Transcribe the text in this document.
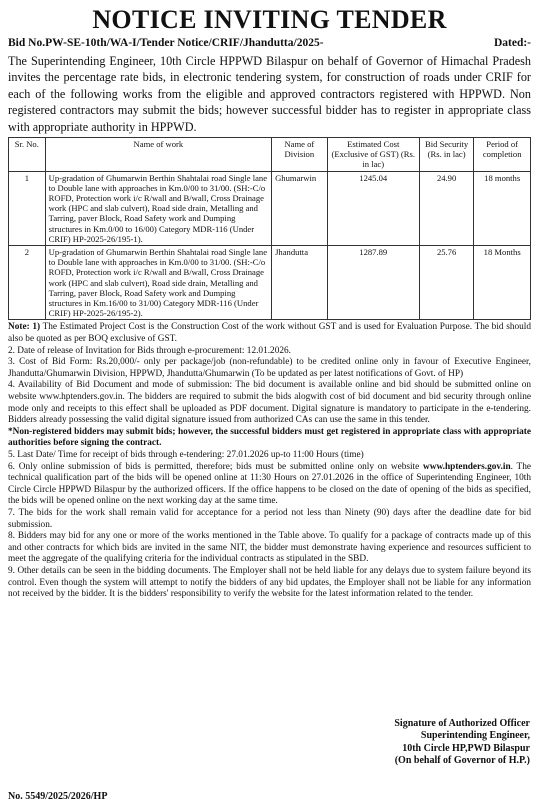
NOTICE INVITING TENDER
Bid No.PW-SE-10th/WA-I/Tender Notice/CRIF/Jhandutta/2025-	Dated:-
The Superintending Engineer, 10th Circle HPPWD Bilaspur on behalf of Governor of Himachal Pradesh invites the percentage rate bids, in electronic tendering system, for construction of roads under CRIF for each of the following works from the eligible and approved contractors registered with HPPWD. Non registered contractors may submit the bids; however successful bidder has to register in appropriate class with appropriate authority in HPPWD.
Sr. No.	Name of work	Name of Division	Estimated Cost (Exclusive of GST) (Rs. in lac)	Bid Security (Rs. in lac)	Period of completion
1	Up-gradation of Ghumarwin Berthin Shahtalai road Single lane to Double lane with approaches in Km.0/00 to 31/00. (SH:-C/o ROFD, Protection work i/c R/wall and B/wall, Cross Drainage work (HPC and slab culvert), Road side drain, Metalling and Tarring, paver Block, Road Safety work and Dumping structures in Km.0/00 to 16/00) Category MDR-116 (Under CRIF) HP-2025-26/195-1).	Ghumarwin	1245.04	24.90	18 months
2	Up-gradation of Ghumarwin Berthin Shahtalai road Single lane to Double lane with approaches in Km.0/00 to 31/00. (SH:-C/o ROFD, Protection work i/c R/wall and B/wall, Cross Drainage work (HPC and slab culvert), Road side drain, Metalling and Tarring, paver Block, Road Safety work and Dumping structures in Km.16/00 to 31/00) Category MDR-116 (Under CRIF) HP-2025-26/195-2).	Jhandutta	1287.89	25.76	18 Months

Note: 1) The Estimated Project Cost is the Construction Cost of the work without GST and is used for Evaluation Purpose. The bid should also be quoted as per BOQ exclusive of GST.

2. Date of release of Invitation for Bids through e-procurement: 12.01.2026.

3. Cost of Bid Form: Rs.20,000/- only per package/job (non-refundable) to be credited online only in favour of Executive Engineer, Jhandutta/Ghumarwin Division, HPPWD, Jhandutta/Ghumarwin (To be updated as per latest notifications of Govt. of HP)

4. Availability of Bid Document and mode of submission: The bid document is available online and bid should be submitted online on website www.hptenders.gov.in. The bidders are required to submit the bids alogwith cost of bid document and bid security through online mode only and receipts to this effect shall be uploaded as PDF document. Digital signature is mandatory to participate in the e-tendering. Bidders already possessing the valid digital signature issued from authorized CAs can use the same in this tender.

*Non-registered bidders may submit bids; however, the successful bidders must get registered in appropriate class with appropriate authorities before signing the contract.

5. Last Date/ Time for receipt of bids through e-tendering: 27.01.2026 up-to 11:00 Hours (time)

6. Only online submission of bids is permitted, therefore; bids must be submitted online only on website www.hptenders.gov.in. The technical qualification part of the bids will be opened online at 11:30 Hours on 27.01.2026 in the office of Superintending Engineer, 10th Circle Circle HPPWD Bilaspur by the authorized officers. If the office happens to be closed on the date of opening of the bids as specified, the bids will be opened online on the next working day at the same time.

7. The bids for the work shall remain valid for acceptance for a period not less than Ninety (90) days after the deadline date for bid submission.

8. Bidders may bid for any one or more of the works mentioned in the Table above. To qualify for a package of contracts made up of this and other contracts for which bids are invited in the same NIT, the bidder must demonstrate having experience and resources sufficient to meet the aggregate of the qualifying criteria for the individual contracts as stipulated in the SBD.

9. Other details can be seen in the bidding documents. The Employer shall not be held liable for any delays due to system failure beyond its control. Even though the system will attempt to notify the bidders of any bid updates, the Employer shall not be liable for any information not received by the bidder. It is the bidders' responsibility to verify the website for the latest information related to the tender.

Signature of Authorized Officer
Superintending Engineer,
10th Circle HP,PWD Bilaspur
(On behalf of Governor of H.P.)
No. 5549/2025/2026/HP
